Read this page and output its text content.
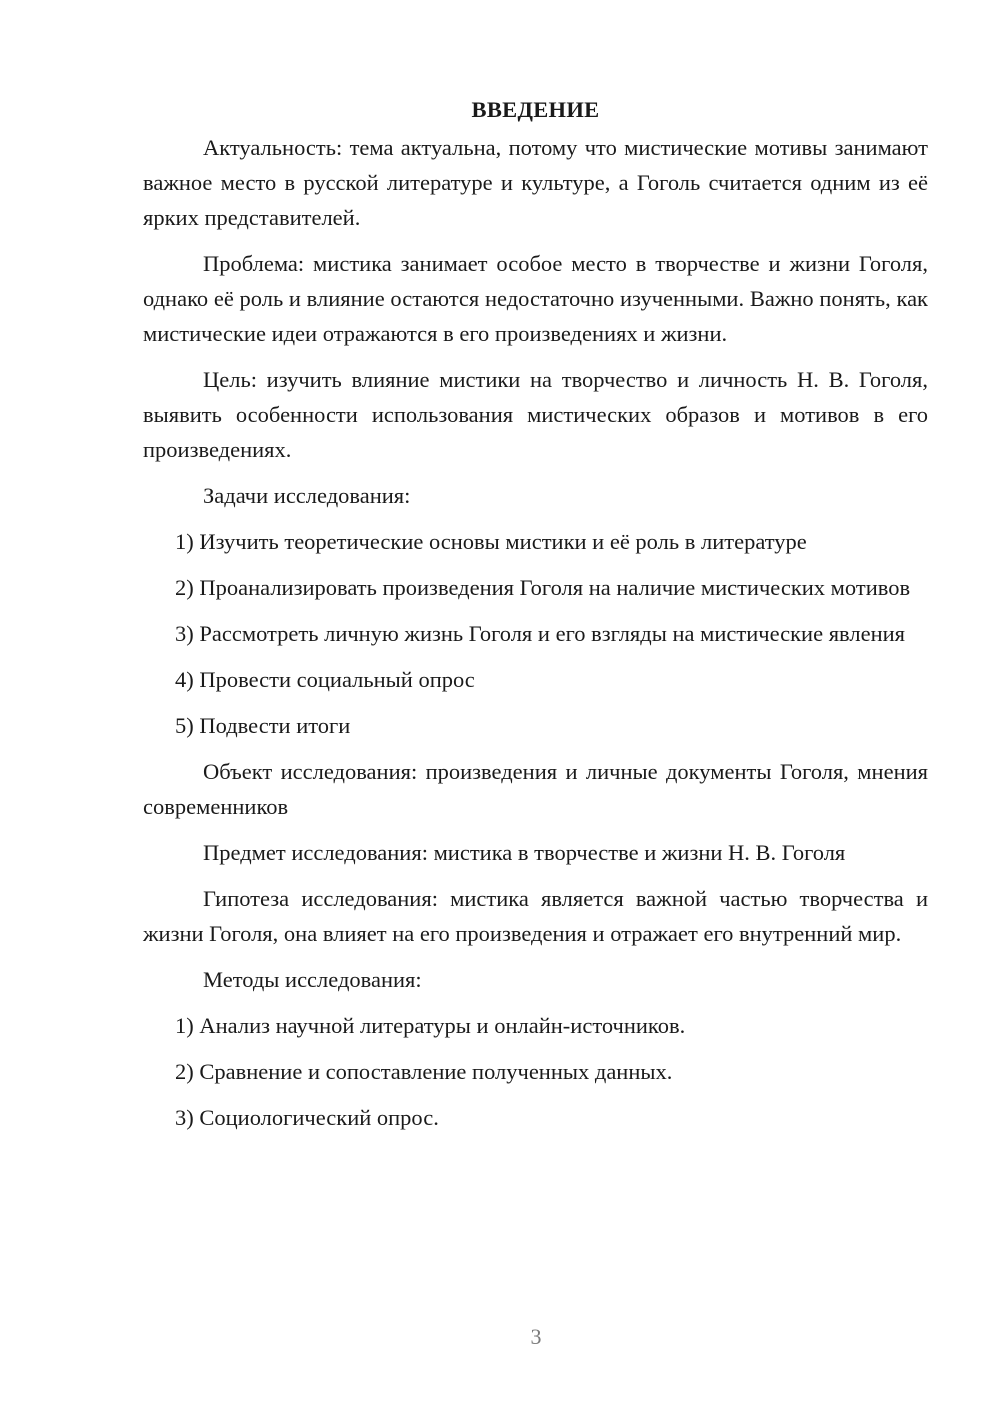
ВВЕДЕНИЕ

Актуальность: тема актуальна, потому что мистические мотивы занимают важное место в русской литературе и культуре, а Гоголь считается одним из её ярких представителей.

Проблема: мистика занимает особое место в творчестве и жизни Гоголя, однако её роль и влияние остаются недостаточно изученными. Важно понять, как мистические идеи отражаются в его произведениях и жизни.

Цель: изучить влияние мистики на творчество и личность Н. В. Гоголя, выявить особенности использования мистических образов и мотивов в его произведениях.

Задачи исследования:

1) Изучить теоретические основы мистики и её роль в литературе

2) Проанализировать произведения Гоголя на наличие мистических мотивов

3) Рассмотреть личную жизнь Гоголя и его взгляды на мистические явления

4) Провести социальный опрос

5) Подвести итоги

Объект исследования: произведения и личные документы Гоголя, мнения современников

Предмет исследования: мистика в творчестве и жизни Н. В. Гоголя

Гипотеза исследования: мистика является важной частью творчества и жизни Гоголя, она влияет на его произведения и отражает его внутренний мир.

Методы исследования:

1) Анализ научной литературы и онлайн-источников.

2) Сравнение и сопоставление полученных данных.

3) Социологический опрос.

3
